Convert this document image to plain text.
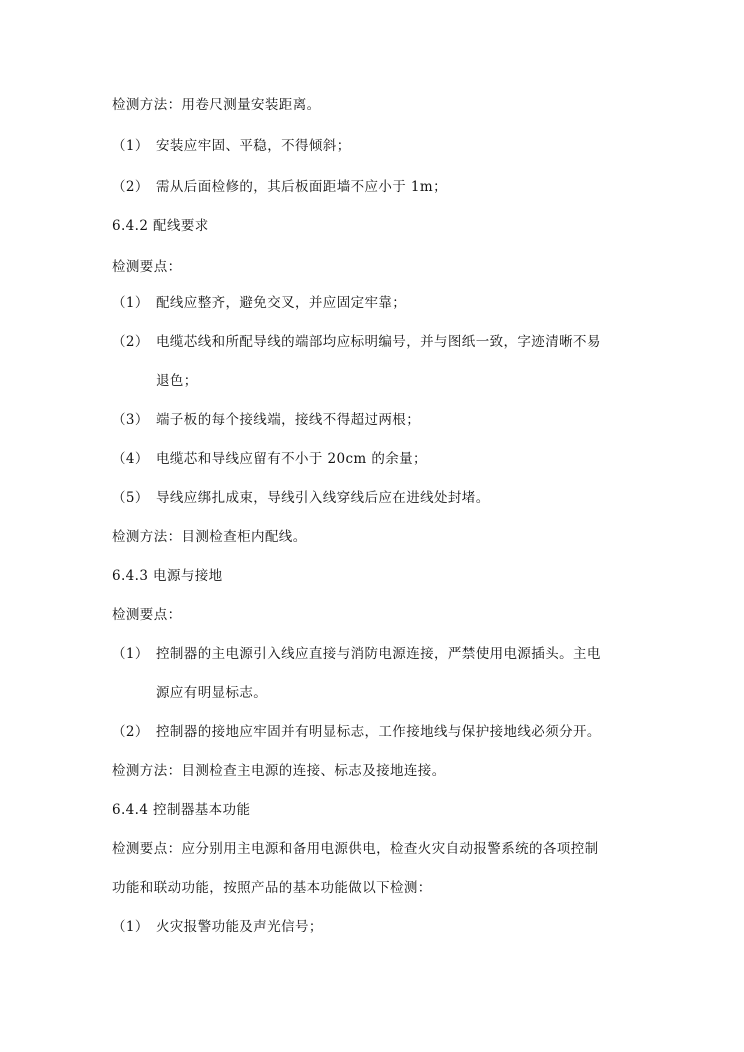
检测方法：用卷尺测量安装距离。
（1） 安装应牢固、平稳，不得倾斜；
（2） 需从后面检修的，其后板面距墙不应小于 1m；
6.4.2 配线要求
检测要点：
（1） 配线应整齐，避免交叉，并应固定牢靠；
（2） 电缆芯线和所配导线的端部均应标明编号，并与图纸一致，字迹清晰不易
退色；
（3） 端子板的每个接线端，接线不得超过两根；
（4） 电缆芯和导线应留有不小于 20cm 的余量；
（5） 导线应绑扎成束，导线引入线穿线后应在进线处封堵。
检测方法：目测检查柜内配线。
6.4.3 电源与接地
检测要点：
（1） 控制器的主电源引入线应直接与消防电源连接，严禁使用电源插头。主电
源应有明显标志。
（2） 控制器的接地应牢固并有明显标志，工作接地线与保护接地线必须分开。
检测方法：目测检查主电源的连接、标志及接地连接。
6.4.4 控制器基本功能
检测要点：应分别用主电源和备用电源供电，检查火灾自动报警系统的各项控制
功能和联动功能，按照产品的基本功能做以下检测：
（1） 火灾报警功能及声光信号；
